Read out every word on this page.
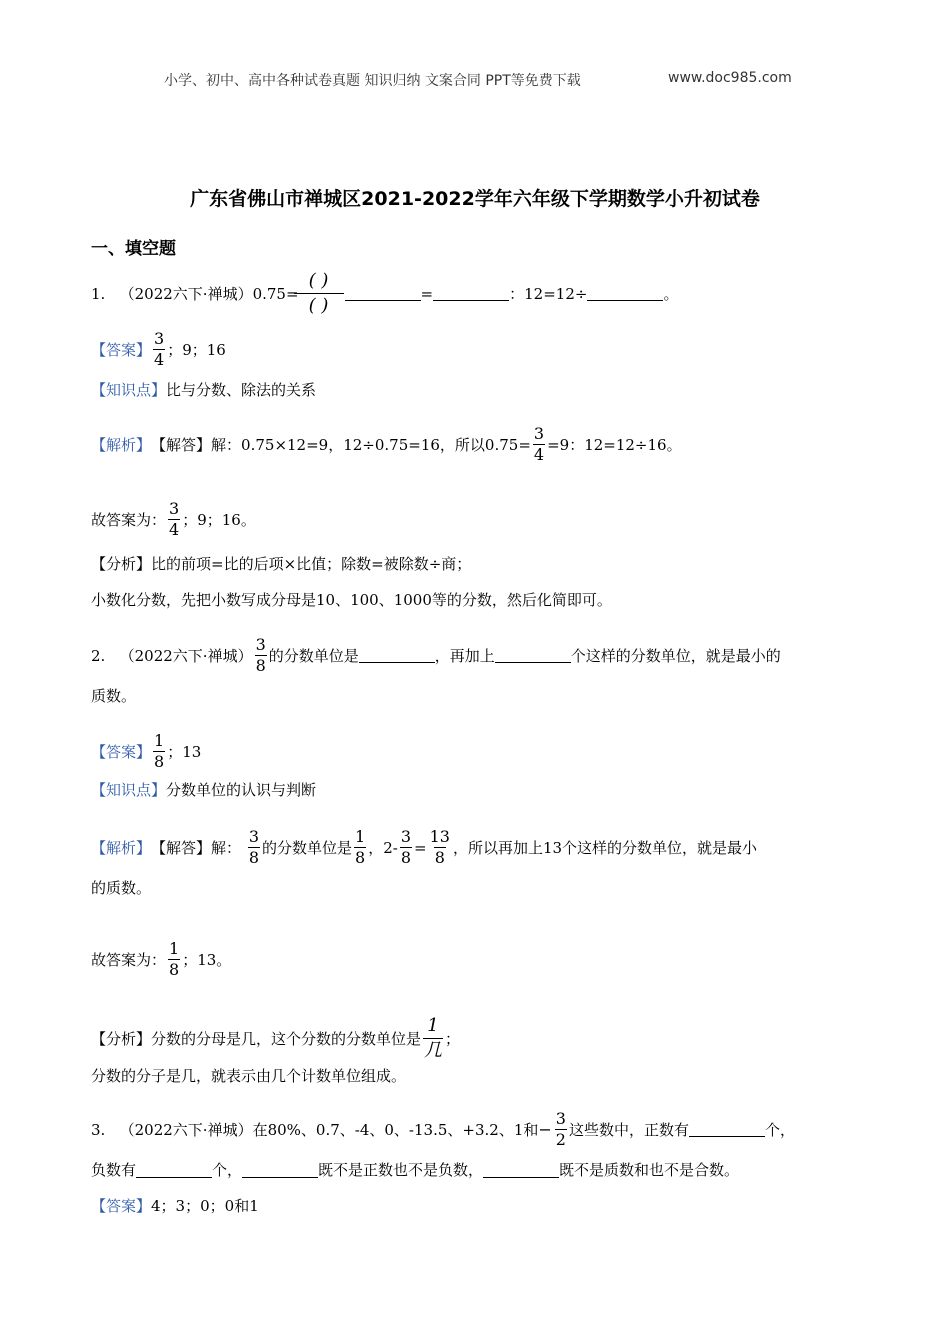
小学、初中、高中各种试卷真题 知识归纳 文案合同 PPT等免费下载	www.doc985.com
广东省佛山市禅城区2021-2022学年六年级下学期数学小升初试卷
一、填空题
1.
（2022六下·禅城） $0.75= \frac{( )}{( )}$	=	：12=12÷	。
【答案】 $\frac{3}{4}$ ；9；16
【知识点】 比与分数、除法的关系
【解析】 【解答】 解： 0.75×12=9，12÷0.75=16，所以$0.75= \frac{3}{4} =9$：12=12÷16。
故答案为： $\frac{3}{4}$ ；9；16。
【分析】 比的前项=比的后项×比值；除数=被除数÷商；
小数化分数，先把小数写成分母是10、100、1000等的分数，然后化简即可。
2.
（2022六下·禅城） $\frac{3}{8}$ 的分数单位是	，再加上	个这样的分数单位，就是最小的
质数。
【答案】 $\frac{1}{8}$ ；13
【知识点】 分数单位的认识与判断
【解析】 【解答】 解：
$\frac{3}{8}$ 的分数单位是 $\frac{1}{8}$ ，$2- \frac{3}{8} = \frac{13}{8}$ ，所以再加上13个这样的分数单位，就是最小
的质数。
故答案为： $\frac{1}{8}$ ；13。
【分析】 分数的分母是几，这个分数的分数单位是 $\frac{1}{\text{几}}$ ；
分数的分子是几，就表示由几个计数单位组成。
3.
（2022六下·禅城） 在80%、0.7、-4、0、-13.5、+3.2、1和 − $\frac{3}{2}$ 这些数中，正数有	个，
负数有	个，	既不是正数也不是负数，	既不是质数和也不是合数。
【答案】 4；3；0；0和1
